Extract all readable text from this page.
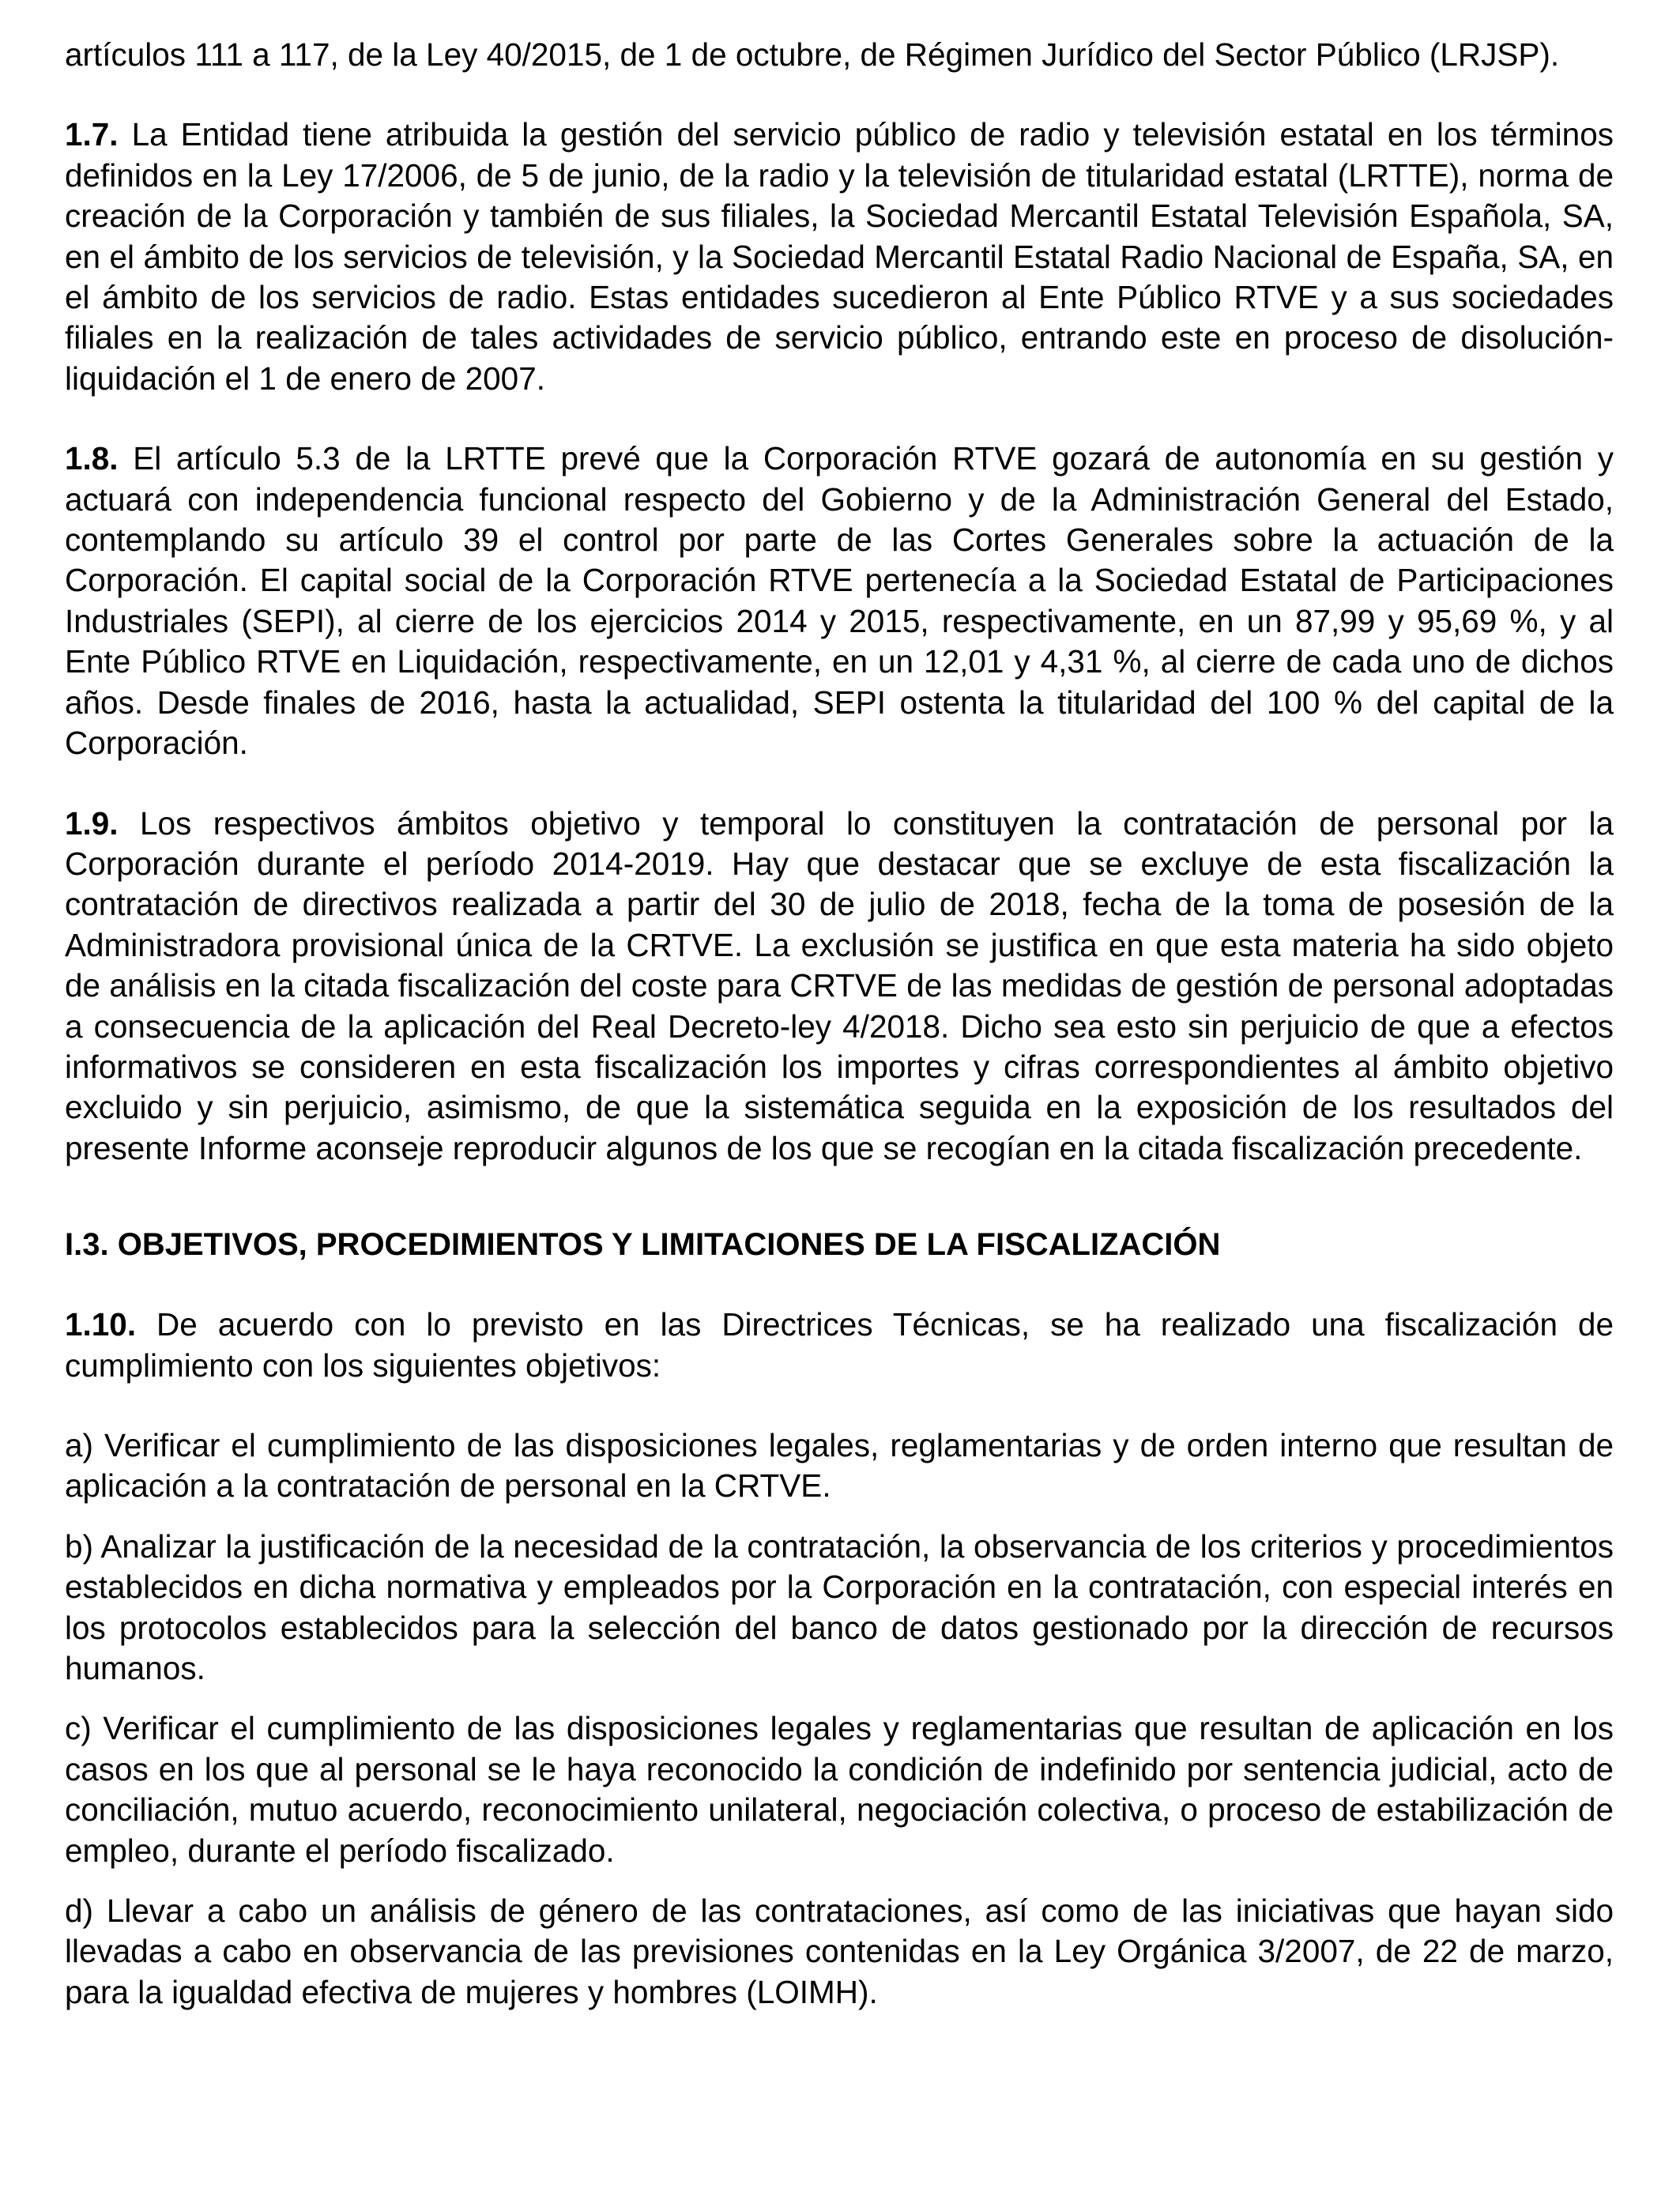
artículos 111 a 117, de la Ley 40/2015, de 1 de octubre, de Régimen Jurídico del Sector Público (LRJSP).

1.7. La Entidad tiene atribuida la gestión del servicio público de radio y televisión estatal en los términos definidos en la Ley 17/2006, de 5 de junio, de la radio y la televisión de titularidad estatal (LRTTE), norma de creación de la Corporación y también de sus filiales, la Sociedad Mercantil Estatal Televisión Española, SA, en el ámbito de los servicios de televisión, y la Sociedad Mercantil Estatal Radio Nacional de España, SA, en el ámbito de los servicios de radio. Estas entidades sucedieron al Ente Público RTVE y a sus sociedades filiales en la realización de tales actividades de servicio público, entrando este en proceso de disolución-liquidación el 1 de enero de 2007.

1.8. El artículo 5.3 de la LRTTE prevé que la Corporación RTVE gozará de autonomía en su gestión y actuará con independencia funcional respecto del Gobierno y de la Administración General del Estado, contemplando su artículo 39 el control por parte de las Cortes Generales sobre la actuación de la Corporación. El capital social de la Corporación RTVE pertenecía a la Sociedad Estatal de Participaciones Industriales (SEPI), al cierre de los ejercicios 2014 y 2015, respectivamente, en un 87,99 y 95,69 %, y al Ente Público RTVE en Liquidación, respectivamente, en un 12,01 y 4,31 %, al cierre de cada uno de dichos años. Desde finales de 2016, hasta la actualidad, SEPI ostenta la titularidad del 100 % del capital de la Corporación.

1.9. Los respectivos ámbitos objetivo y temporal lo constituyen la contratación de personal por la Corporación durante el período 2014-2019. Hay que destacar que se excluye de esta fiscalización la contratación de directivos realizada a partir del 30 de julio de 2018, fecha de la toma de posesión de la Administradora provisional única de la CRTVE. La exclusión se justifica en que esta materia ha sido objeto de análisis en la citada fiscalización del coste para CRTVE de las medidas de gestión de personal adoptadas a consecuencia de la aplicación del Real Decreto-ley 4/2018. Dicho sea esto sin perjuicio de que a efectos informativos se consideren en esta fiscalización los importes y cifras correspondientes al ámbito objetivo excluido y sin perjuicio, asimismo, de que la sistemática seguida en la exposición de los resultados del presente Informe aconseje reproducir algunos de los que se recogían en la citada fiscalización precedente.

I.3. OBJETIVOS, PROCEDIMIENTOS Y LIMITACIONES DE LA FISCALIZACIÓN

1.10. De acuerdo con lo previsto en las Directrices Técnicas, se ha realizado una fiscalización de cumplimiento con los siguientes objetivos:

a) Verificar el cumplimiento de las disposiciones legales, reglamentarias y de orden interno que resultan de aplicación a la contratación de personal en la CRTVE.

b) Analizar la justificación de la necesidad de la contratación, la observancia de los criterios y procedimientos establecidos en dicha normativa y empleados por la Corporación en la contratación, con especial interés en los protocolos establecidos para la selección del banco de datos gestionado por la dirección de recursos humanos.

c) Verificar el cumplimiento de las disposiciones legales y reglamentarias que resultan de aplicación en los casos en los que al personal se le haya reconocido la condición de indefinido por sentencia judicial, acto de conciliación, mutuo acuerdo, reconocimiento unilateral, negociación colectiva, o proceso de estabilización de empleo, durante el período fiscalizado.

d) Llevar a cabo un análisis de género de las contrataciones, así como de las iniciativas que hayan sido llevadas a cabo en observancia de las previsiones contenidas en la Ley Orgánica 3/2007, de 22 de marzo, para la igualdad efectiva de mujeres y hombres (LOIMH).
